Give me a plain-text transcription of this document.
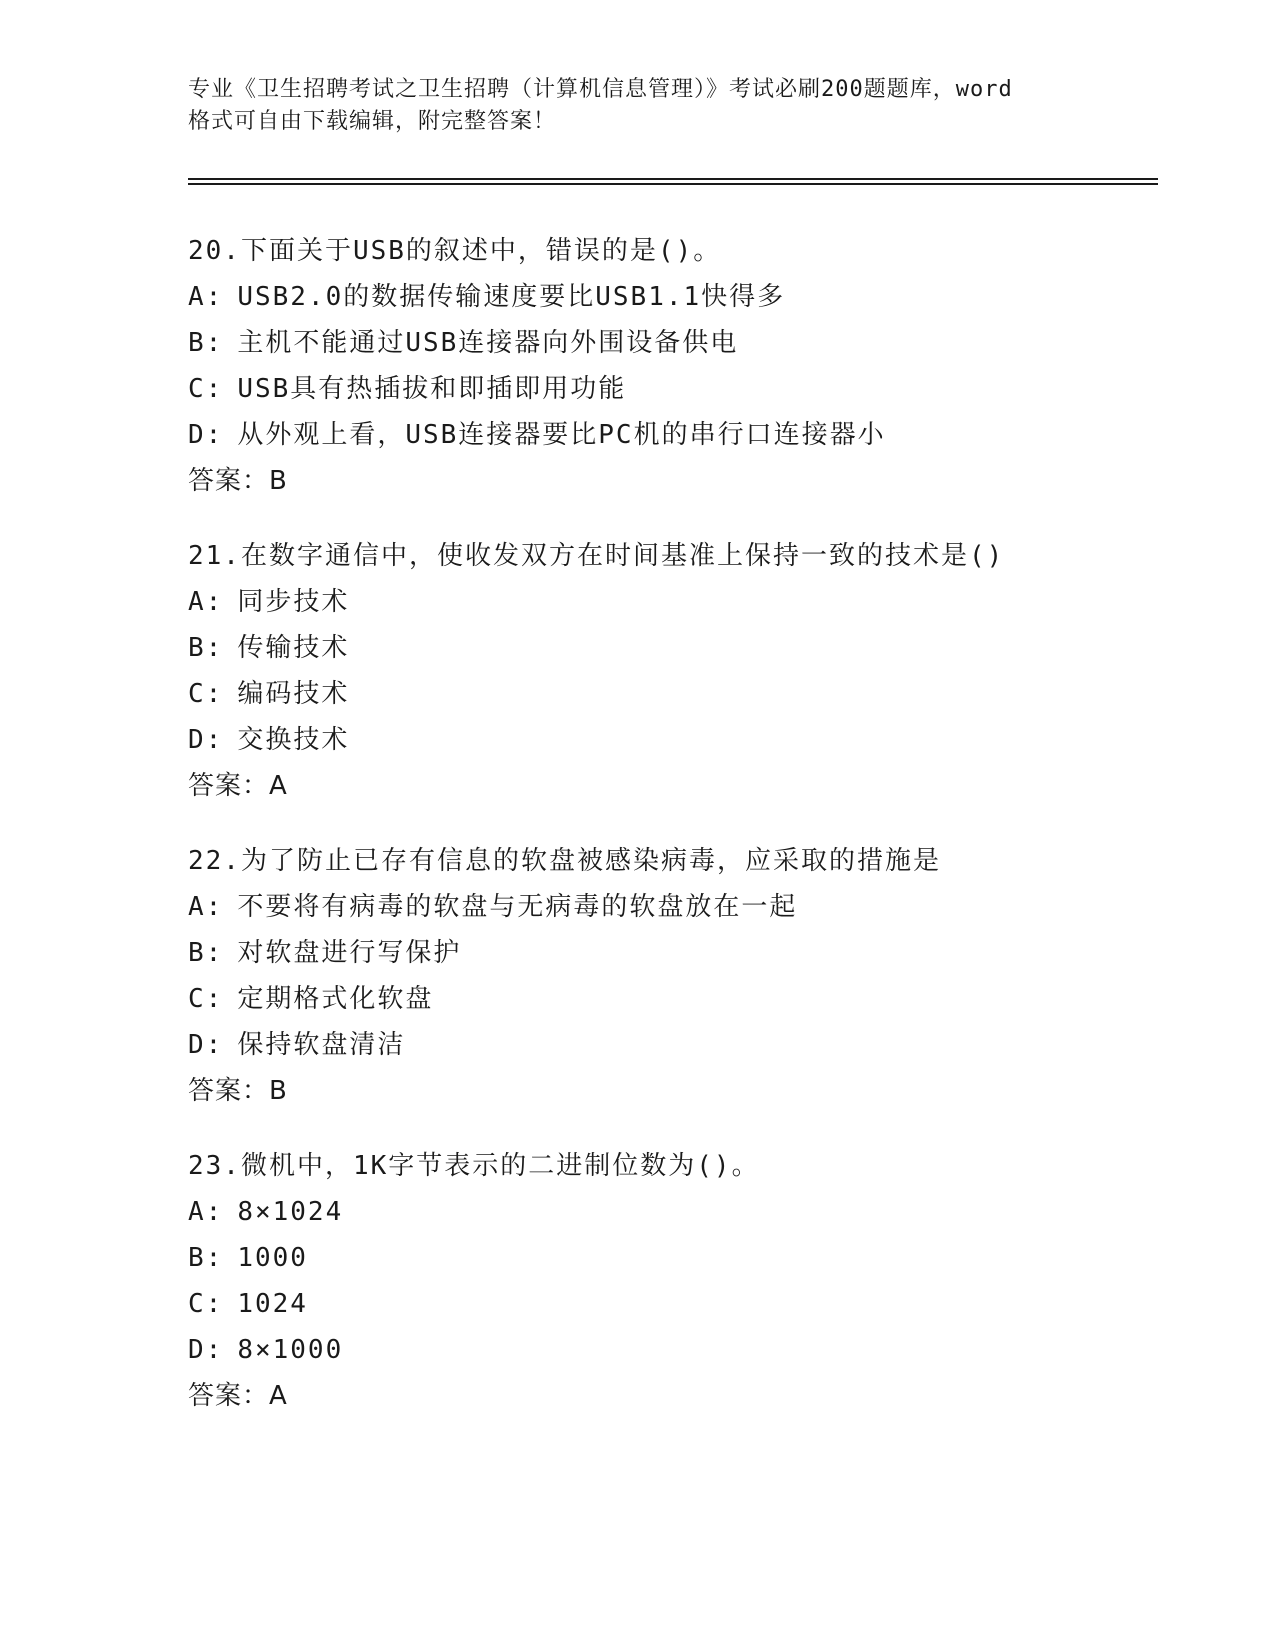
专业《卫生招聘考试之卫生招聘（计算机信息管理）》考试必刷200题题库，word
格式可自由下载编辑，附完整答案！
20.下面关于USB的叙述中，错误的是()。
A: USB2.0的数据传输速度要比USB1.1快得多
B: 主机不能通过USB连接器向外围设备供电
C: USB具有热插拔和即插即用功能
D: 从外观上看，USB连接器要比PC机的串行口连接器小
答案：B
21.在数字通信中，使收发双方在时间基准上保持一致的技术是()
A: 同步技术
B: 传输技术
C: 编码技术
D: 交换技术
答案：A
22.为了防止已存有信息的软盘被感染病毒，应采取的措施是
A: 不要将有病毒的软盘与无病毒的软盘放在一起
B: 对软盘进行写保护
C: 定期格式化软盘
D: 保持软盘清洁
答案：B
23.微机中，1K字节表示的二进制位数为()。
A: 8×1024
B: 1000
C: 1024
D: 8×1000
答案：A
